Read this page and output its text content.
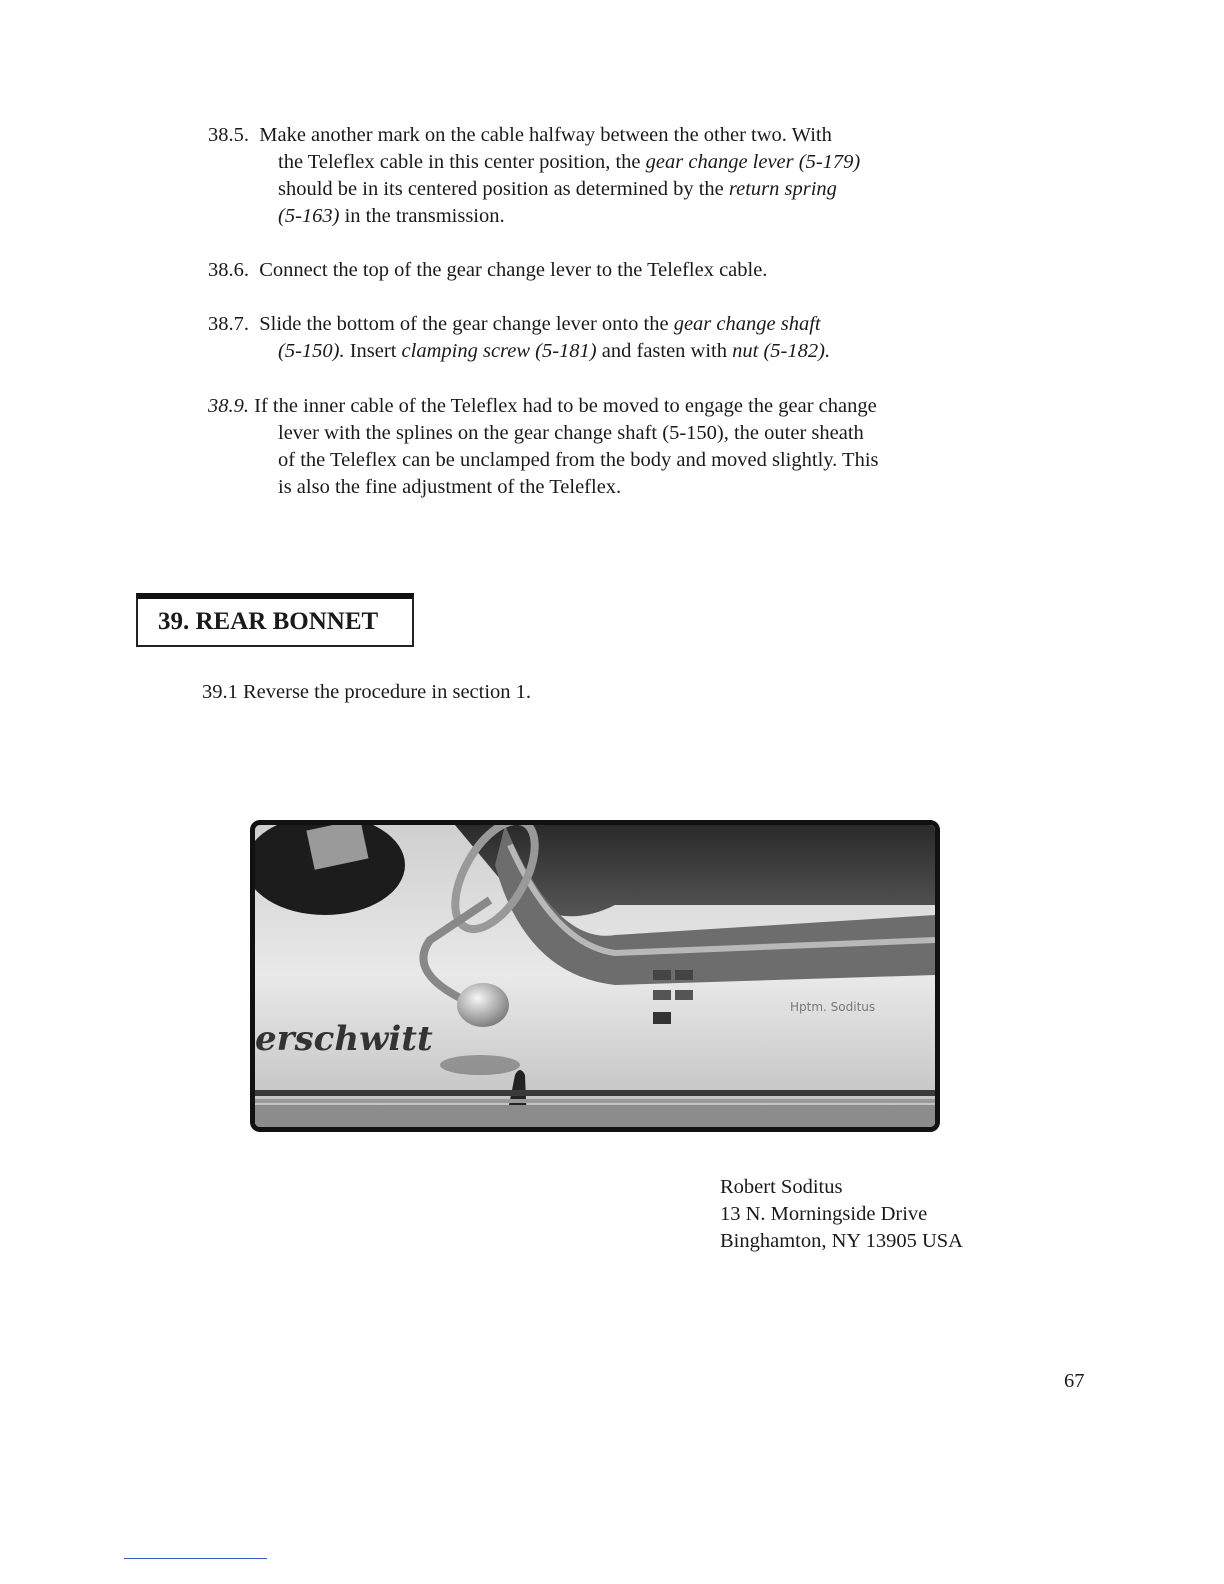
38.5. Make another mark on the cable halfway between the other two. With
the Teleflex cable in this center position, the gear change lever (5-179)
should be in its centered position as determined by the return spring
(5-163) in the transmission.
38.6. Connect the top of the gear change lever to the Teleflex cable.
38.7. Slide the bottom of the gear change lever onto the gear change shaft
(5-150). Insert clamping screw (5-181) and fasten with nut (5-182).
38.9. If the inner cable of the Teleflex had to be moved to engage the gear change
lever with the splines on the gear change shaft (5-150), the outer sheath
of the Teleflex can be unclamped from the body and moved slightly. This
is also the fine adjustment of the Teleflex.
39. REAR BONNET
39.1 Reverse the procedure in section 1.
erschwitt
Hptm. Soditus
Robert Soditus
13 N. Morningside Drive
Binghamton, NY 13905 USA
67
